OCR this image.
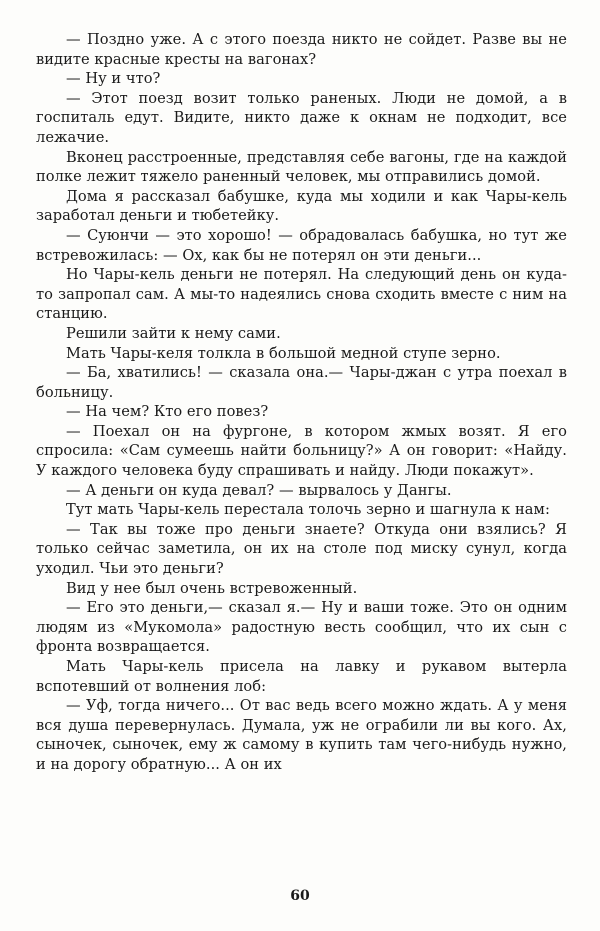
— Поздно уже. А с этого поезда никто не сойдет. Разве вы не видите красные кресты на вагонах?

— Ну и что?

— Этот поезд возит только раненых. Люди не домой, а в госпиталь едут. Видите, никто даже к окнам не подходит, все лежачие.

Вконец расстроенные, представляя себе вагоны, где на каждой полке лежит тяжело раненный человек, мы отправились домой.

Дома я рассказал бабушке, куда мы ходили и как Чары-кель заработал деньги и тюбетейку.

— Суюнчи — это хорошо! — обрадовалась бабушка, но тут же встревожилась: — Ох, как бы не потерял он эти деньги...

Но Чары-кель деньги не потерял. На следующий день он куда-то запропал сам. А мы-то надеялись снова сходить вместе с ним на станцию.

Решили зайти к нему сами.

Мать Чары-келя толкла в большой медной ступе зерно.

— Ба, хватились! — сказала она.— Чары-джан с утра поехал в больницу.

— На чем? Кто его повез?

— Поехал он на фургоне, в котором жмых возят. Я его спросила: «Сам сумеешь найти больницу?» А он говорит: «Найду. У каждого человека буду спрашивать и найду. Люди покажут».

— А деньги он куда девал? — вырвалось у Дангы.

Тут мать Чары-кель перестала толочь зерно и шагнула к нам:

— Так вы тоже про деньги знаете? Откуда они взялись? Я только сейчас заметила, он их на столе под миску сунул, когда уходил. Чьи это деньги?

Вид у нее был очень встревоженный.

— Его это деньги,— сказал я.— Ну и ваши тоже. Это он одним людям из «Мукомола» радостную весть сообщил, что их сын с фронта возвращается.

Мать Чары-кель присела на лавку и рукавом вытерла вспотевший от волнения лоб:

— Уф, тогда ничего... От вас ведь всего можно ждать. А у меня вся душа перевернулась. Думала, уж не ограбили ли вы кого. Ах, сыночек, сыночек, ему ж самому в купить там чего-нибудь нужно, и на дорогу обратную... А он их

60
